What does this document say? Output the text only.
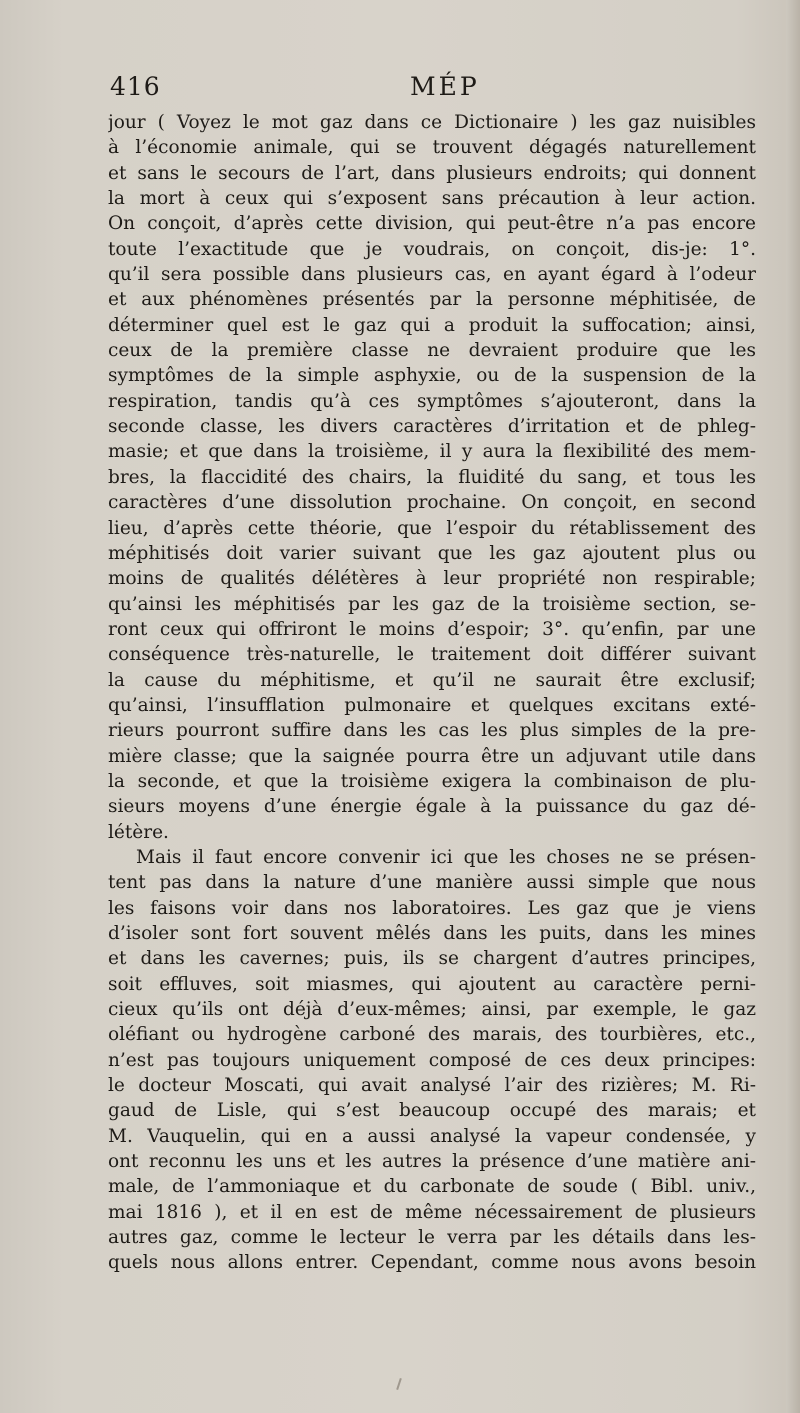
416	MÉP
jour ( Voyez le mot gaz dans ce Dictionaire ) les gaz nuisibles
à l’économie animale, qui se trouvent dégagés naturellement
et sans le secours de l’art, dans plusieurs endroits; qui donnent
la mort à ceux qui s’exposent sans précaution à leur action.
On conçoit, d’après cette division, qui peut-être n’a pas encore
toute l’exactitude que je voudrais, on conçoit, dis-je: 1°.
qu’il sera possible dans plusieurs cas, en ayant égard à l’odeur
et aux phénomènes présentés par la personne méphitisée, de
déterminer quel est le gaz qui a produit la suffocation; ainsi,
ceux de la première classe ne devraient produire que les
symptômes de la simple asphyxie, ou de la suspension de la
respiration, tandis qu’à ces symptômes s’ajouteront, dans la
seconde classe, les divers caractères d’irritation et de phleg-
masie; et que dans la troisième, il y aura la flexibilité des mem-
bres, la flaccidité des chairs, la fluidité du sang, et tous les
caractères d’une dissolution prochaine. On conçoit, en second
lieu, d’après cette théorie, que l’espoir du rétablissement des
méphitisés doit varier suivant que les gaz ajoutent plus ou
moins de qualités délétères à leur propriété non respirable;
qu’ainsi les méphitisés par les gaz de la troisième section, se-
ront ceux qui offriront le moins d’espoir; 3°. qu’enfin, par une
conséquence très-naturelle, le traitement doit différer suivant
la cause du méphitisme, et qu’il ne saurait être exclusif;
qu’ainsi, l’insufflation pulmonaire et quelques excitans exté-
rieurs pourront suffire dans les cas les plus simples de la pre-
mière classe; que la saignée pourra être un adjuvant utile dans
la seconde, et que la troisième exigera la combinaison de plu-
sieurs moyens d’une énergie égale à la puissance du gaz dé-
létère.
Mais il faut encore convenir ici que les choses ne se présen-
tent pas dans la nature d’une manière aussi simple que nous
les faisons voir dans nos laboratoires. Les gaz que je viens
d’isoler sont fort souvent mêlés dans les puits, dans les mines
et dans les cavernes; puis, ils se chargent d’autres principes,
soit effluves, soit miasmes, qui ajoutent au caractère perni-
cieux qu’ils ont déjà d’eux-mêmes; ainsi, par exemple, le gaz
oléfiant ou hydrogène carboné des marais, des tourbières, etc.,
n’est pas toujours uniquement composé de ces deux principes:
le docteur Moscati, qui avait analysé l’air des rizières; M. Ri-
gaud de Lisle, qui s’est beaucoup occupé des marais; et
M. Vauquelin, qui en a aussi analysé la vapeur condensée, y
ont reconnu les uns et les autres la présence d’une matière ani-
male, de l’ammoniaque et du carbonate de soude ( Bibl. univ.,
mai 1816 ), et il en est de même nécessairement de plusieurs
autres gaz, comme le lecteur le verra par les détails dans les-
quels nous allons entrer. Cependant, comme nous avons besoin
